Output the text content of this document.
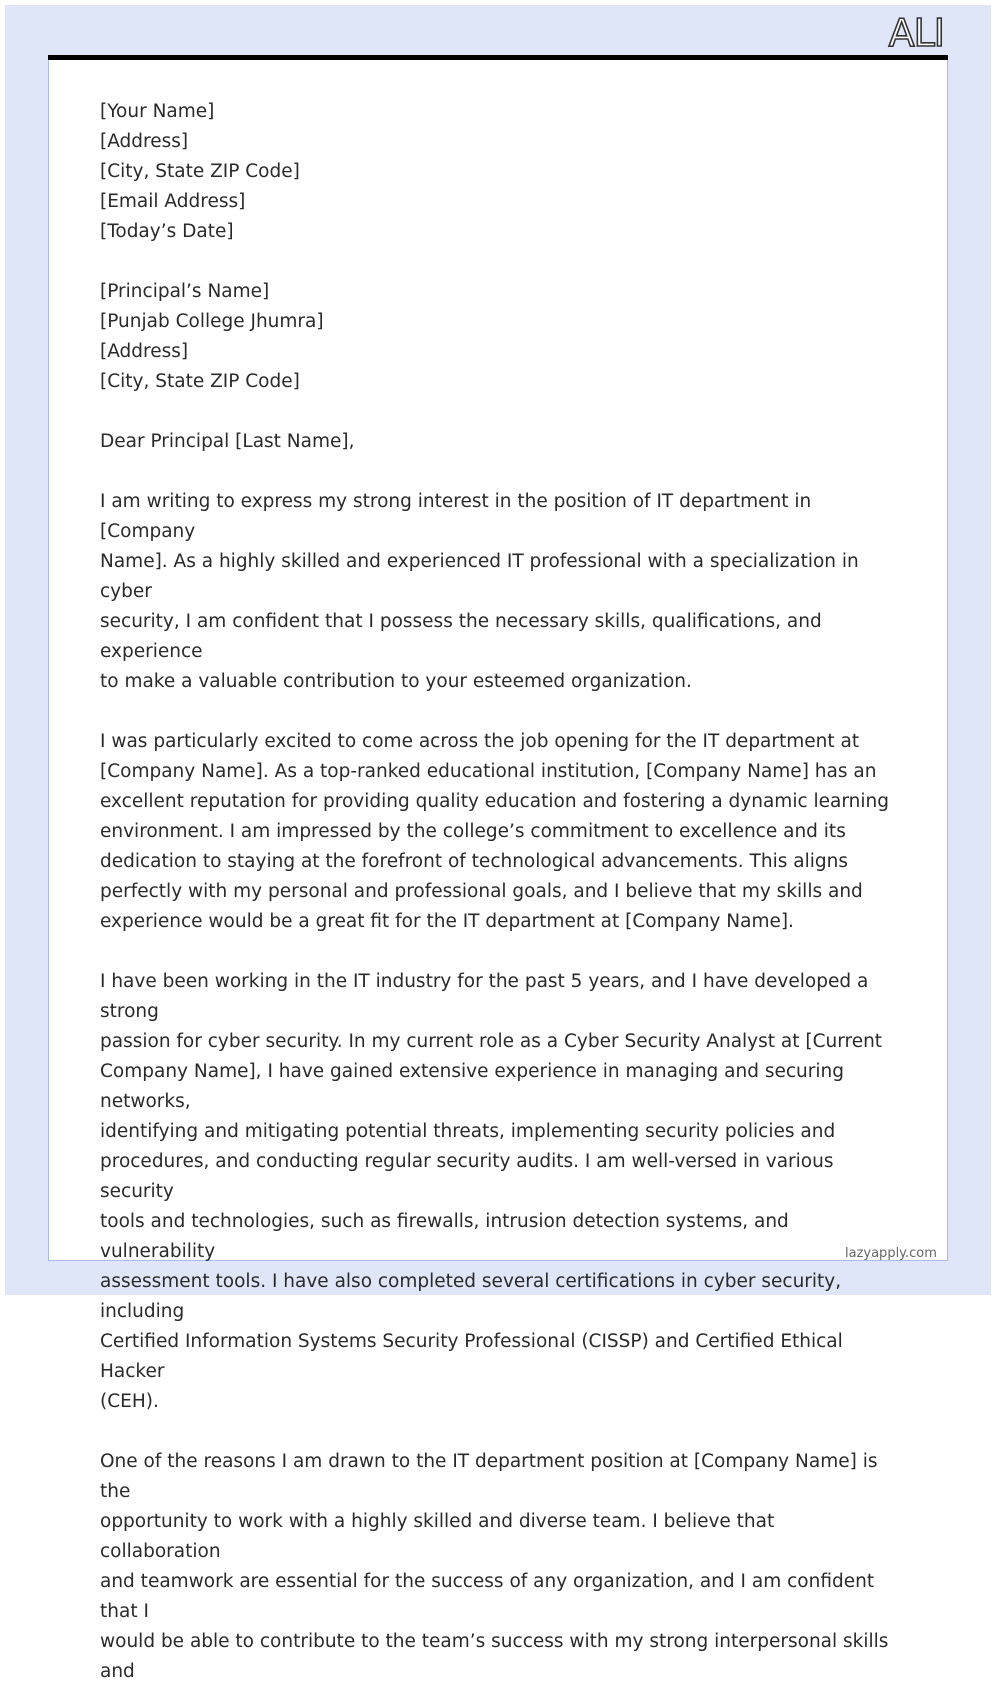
ALI
[Your Name]
[Address]
[City, State ZIP Code]
[Email Address]
[Today’s Date]
[Principal’s Name]
[Punjab College Jhumra]
[Address]
[City, State ZIP Code]
Dear Principal [Last Name],

I am writing to express my strong interest in the position of IT department in [Company
Name]. As a highly skilled and experienced IT professional with a specialization in cyber
security, I am confident that I possess the necessary skills, qualifications, and experience
to make a valuable contribution to your esteemed organization.

I was particularly excited to come across the job opening for the IT department at
[Company Name]. As a top-ranked educational institution, [Company Name] has an
excellent reputation for providing quality education and fostering a dynamic learning
environment. I am impressed by the college’s commitment to excellence and its
dedication to staying at the forefront of technological advancements. This aligns
perfectly with my personal and professional goals, and I believe that my skills and
experience would be a great fit for the IT department at [Company Name].

I have been working in the IT industry for the past 5 years, and I have developed a strong
passion for cyber security. In my current role as a Cyber Security Analyst at [Current
Company Name], I have gained extensive experience in managing and securing networks,
identifying and mitigating potential threats, implementing security policies and
procedures, and conducting regular security audits. I am well-versed in various security
tools and technologies, such as firewalls, intrusion detection systems, and vulnerability
assessment tools. I have also completed several certifications in cyber security, including
Certified Information Systems Security Professional (CISSP) and Certified Ethical Hacker
(CEH).

One of the reasons I am drawn to the IT department position at [Company Name] is the
opportunity to work with a highly skilled and diverse team. I believe that collaboration
and teamwork are essential for the success of any organization, and I am confident that I
would be able to contribute to the team’s success with my strong interpersonal skills and

lazyapply.com
